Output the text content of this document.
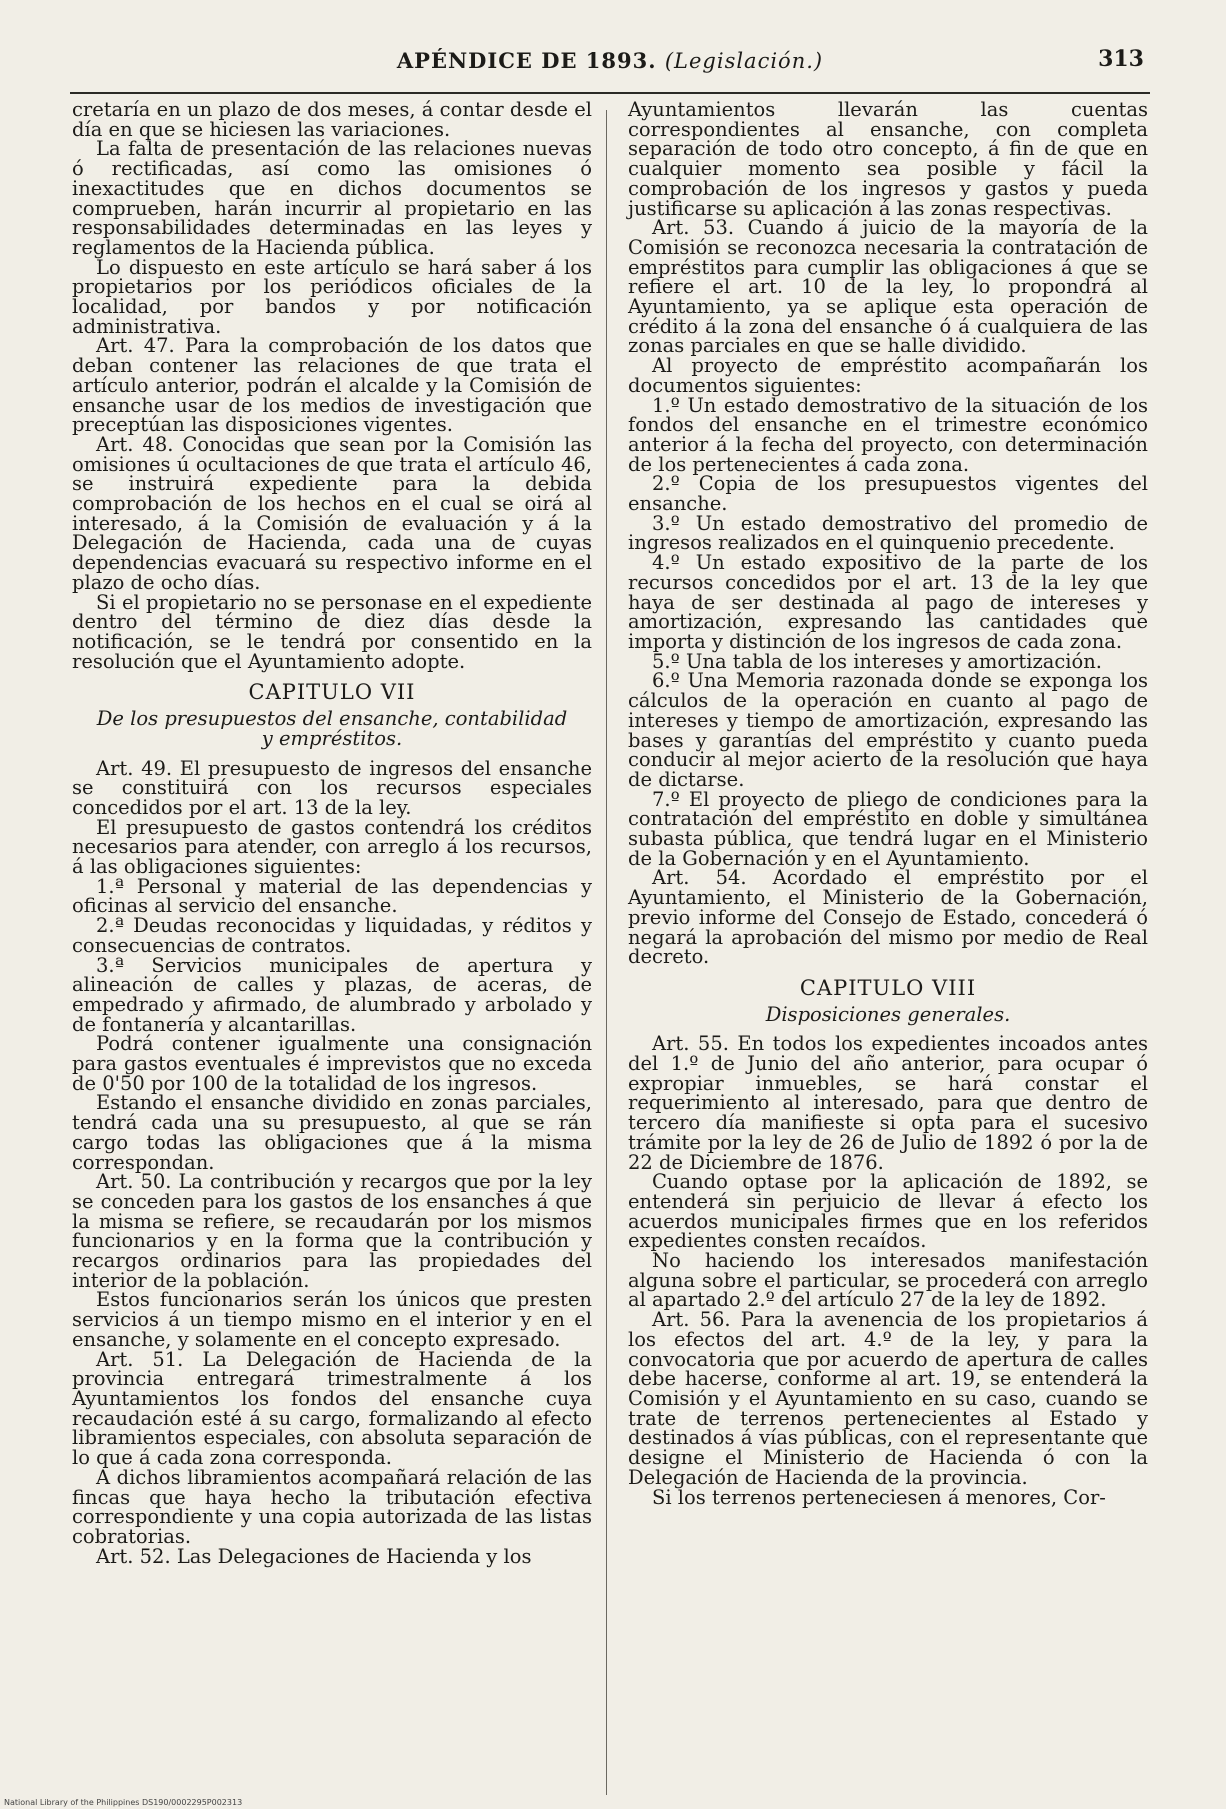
APÉNDICE DE 1893. (Legislación.)	313

cretaría en un plazo de dos meses, á contar desde el día en que se hiciesen las variaciones.

La falta de presentación de las relaciones nuevas ó rectificadas, así como las omisiones ó inexactitudes que en dichos documentos se comprueben, harán incurrir al propietario en las responsabilidades determinadas en las leyes y reglamentos de la Hacienda pública.

Lo dispuesto en este artículo se hará saber á los propietarios por los periódicos oficiales de la localidad, por bandos y por notificación administrativa.

Art. 47. Para la comprobación de los datos que deban contener las relaciones de que trata el artículo anterior, podrán el alcalde y la Comisión de ensanche usar de los medios de investigación que preceptúan las disposiciones vigentes.

Art. 48. Conocidas que sean por la Comisión las omisiones ú ocultaciones de que trata el artículo 46, se instruirá expediente para la debida comprobación de los hechos en el cual se oirá al interesado, á la Comisión de evaluación y á la Delegación de Hacienda, cada una de cuyas dependencias evacuará su respectivo informe en el plazo de ocho días.

Si el propietario no se personase en el expediente dentro del término de diez días desde la notificación, se le tendrá por consentido en la resolución que el Ayuntamiento adopte.

CAPITULO VII

De los presupuestos del ensanche, contabilidad y empréstitos.

Art. 49. El presupuesto de ingresos del ensanche se constituirá con los recursos especiales concedidos por el art. 13 de la ley.

El presupuesto de gastos contendrá los créditos necesarios para atender, con arreglo á los recursos, á las obligaciones siguientes:

1.ª Personal y material de las dependencias y oficinas al servicio del ensanche.

2.ª Deudas reconocidas y liquidadas, y réditos y consecuencias de contratos.

3.ª Servicios municipales de apertura y alineación de calles y plazas, de aceras, de empedrado y afirmado, de alumbrado y arbolado y de fontanería y alcantarillas.

Podrá contener igualmente una consignación para gastos eventuales é imprevistos que no exceda de 0'50 por 100 de la totalidad de los ingresos.

Estando el ensanche dividido en zonas parciales, tendrá cada una su presupuesto, al que se rán cargo todas las obligaciones que á la misma correspondan.

Art. 50. La contribución y recargos que por la ley se conceden para los gastos de los ensanches á que la misma se refiere, se recaudarán por los mismos funcionarios y en la forma que la contribución y recargos ordinarios para las propiedades del interior de la población.

Estos funcionarios serán los únicos que presten servicios á un tiempo mismo en el interior y en el ensanche, y solamente en el concepto expresado.

Art. 51. La Delegación de Hacienda de la provincia entregará trimestralmente á los Ayuntamientos los fondos del ensanche cuya recaudación esté á su cargo, formalizando al efecto libramientos especiales, con absoluta separación de lo que á cada zona corresponda.

A dichos libramientos acompañará relación de las fincas que haya hecho la tributación efectiva correspondiente y una copia autorizada de las listas cobratorias.

Art. 52. Las Delegaciones de Hacienda y los

Ayuntamientos llevarán las cuentas correspondientes al ensanche, con completa separación de todo otro concepto, á fin de que en cualquier momento sea posible y fácil la comprobación de los ingresos y gastos y pueda justificarse su aplicación á las zonas respectivas.

Art. 53. Cuando á juicio de la mayoría de la Comisión se reconozca necesaria la contratación de empréstitos para cumplir las obligaciones á que se refiere el art. 10 de la ley, lo propondrá al Ayuntamiento, ya se aplique esta operación de crédito á la zona del ensanche ó á cualquiera de las zonas parciales en que se halle dividido.

Al proyecto de empréstito acompañarán los documentos siguientes:

1.º Un estado demostrativo de la situación de los fondos del ensanche en el trimestre económico anterior á la fecha del proyecto, con determinación de los pertenecientes á cada zona.

2.º Copia de los presupuestos vigentes del ensanche.

3.º Un estado demostrativo del promedio de ingresos realizados en el quinquenio precedente.

4.º Un estado expositivo de la parte de los recursos concedidos por el art. 13 de la ley que haya de ser destinada al pago de intereses y amortización, expresando las cantidades que importa y distinción de los ingresos de cada zona.

5.º Una tabla de los intereses y amortización.

6.º Una Memoria razonada donde se exponga los cálculos de la operación en cuanto al pago de intereses y tiempo de amortización, expresando las bases y garantías del empréstito y cuanto pueda conducir al mejor acierto de la resolución que haya de dictarse.

7.º El proyecto de pliego de condiciones para la contratación del empréstito en doble y simultánea subasta pública, que tendrá lugar en el Ministerio de la Gobernación y en el Ayuntamiento.

Art. 54. Acordado el empréstito por el Ayuntamiento, el Ministerio de la Gobernación, previo informe del Consejo de Estado, concederá ó negará la aprobación del mismo por medio de Real decreto.

CAPITULO VIII

Disposiciones generales.

Art. 55. En todos los expedientes incoados antes del 1.º de Junio del año anterior, para ocupar ó expropiar inmuebles, se hará constar el requerimiento al interesado, para que dentro de tercero día manifieste si opta para el sucesivo trámite por la ley de 26 de Julio de 1892 ó por la de 22 de Diciembre de 1876.

Cuando optase por la aplicación de 1892, se entenderá sin perjuicio de llevar á efecto los acuerdos municipales firmes que en los referidos expedientes consten recaídos.

No haciendo los interesados manifestación alguna sobre el particular, se procederá con arreglo al apartado 2.º del artículo 27 de la ley de 1892.

Art. 56. Para la avenencia de los propietarios á los efectos del art. 4.º de la ley, y para la convocatoria que por acuerdo de apertura de calles debe hacerse, conforme al art. 19, se entenderá la Comisión y el Ayuntamiento en su caso, cuando se trate de terrenos pertenecientes al Estado y destinados á vías públicas, con el representante que designe el Ministerio de Hacienda ó con la Delegación de Hacienda de la provincia.

Si los terrenos perteneciesen á menores, Cor-

National Library of the Philippines DS190/0002295P002313
